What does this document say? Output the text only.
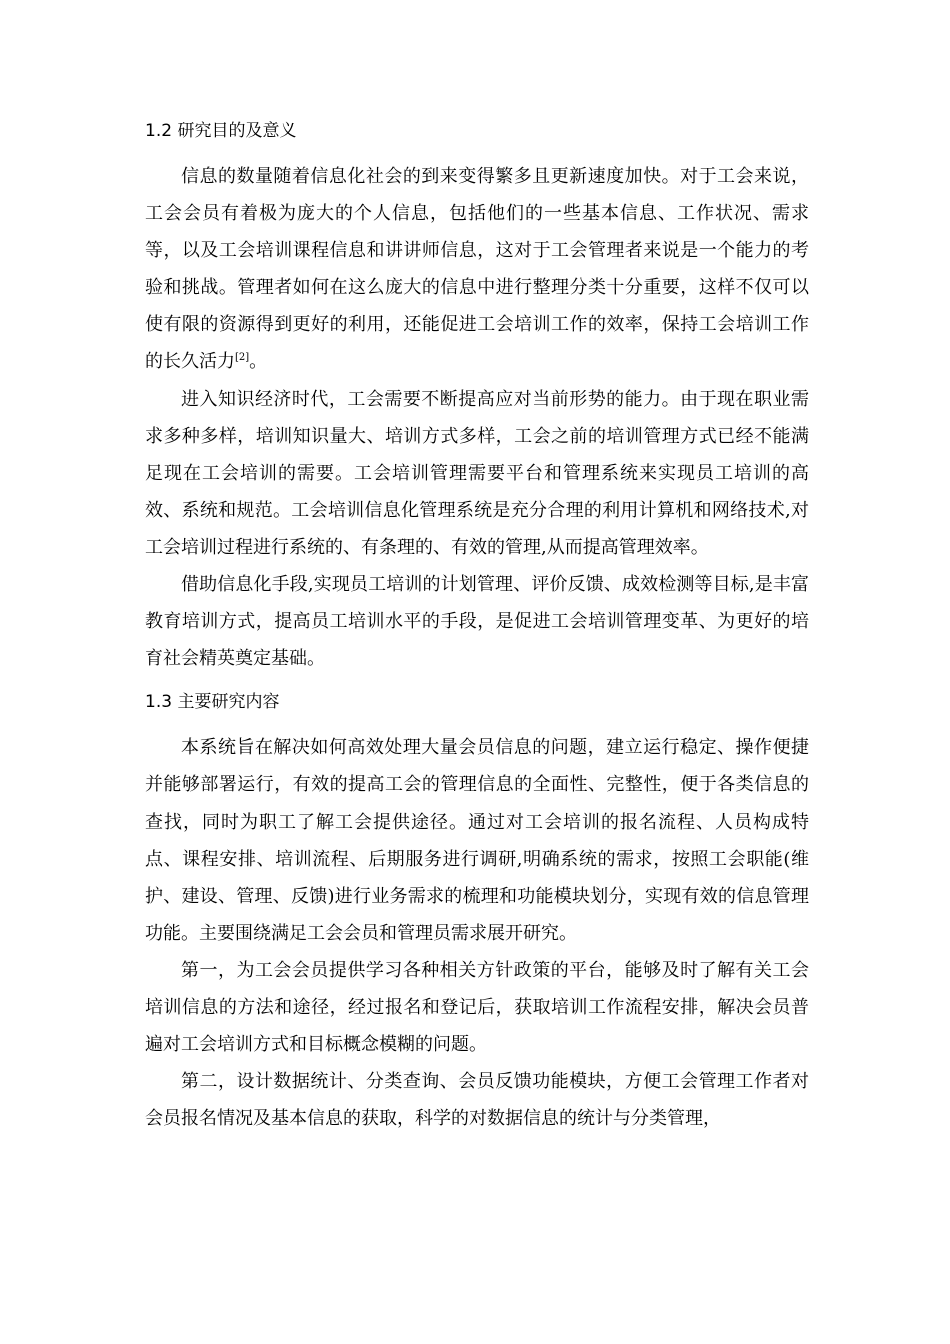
1.2 研究目的及意义

信息的数量随着信息化社会的到来变得繁多且更新速度加快。对于工会来说，工会会员有着极为庞大的个人信息，包括他们的一些基本信息、工作状况、需求等，以及工会培训课程信息和讲讲师信息，这对于工会管理者来说是一个能力的考验和挑战。管理者如何在这么庞大的信息中进行整理分类十分重要，这样不仅可以使有限的资源得到更好的利用，还能促进工会培训工作的效率，保持工会培训工作的长久活力[2]。

进入知识经济时代，工会需要不断提高应对当前形势的能力。由于现在职业需求多种多样，培训知识量大、培训方式多样，工会之前的培训管理方式已经不能满足现在工会培训的需要。工会培训管理需要平台和管理系统来实现员工培训的高效、系统和规范。工会培训信息化管理系统是充分合理的利用计算机和网络技术,对工会培训过程进行系统的、有条理的、有效的管理,从而提高管理效率。

借助信息化手段,实现员工培训的计划管理、评价反馈、成效检测等目标,是丰富教育培训方式，提高员工培训水平的手段，是促进工会培训管理变革、为更好的培育社会精英奠定基础。

1.3 主要研究内容

本系统旨在解决如何高效处理大量会员信息的问题，建立运行稳定、操作便捷并能够部署运行，有效的提高工会的管理信息的全面性、完整性，便于各类信息的查找，同时为职工了解工会提供途径。通过对工会培训的报名流程、人员构成特点、课程安排、培训流程、后期服务进行调研,明确系统的需求，按照工会职能(维护、建设、管理、反馈)进行业务需求的梳理和功能模块划分，实现有效的信息管理功能。主要围绕满足工会会员和管理员需求展开研究。

第一，为工会会员提供学习各种相关方针政策的平台，能够及时了解有关工会培训信息的方法和途径，经过报名和登记后，获取培训工作流程安排，解决会员普遍对工会培训方式和目标概念模糊的问题。

第二，设计数据统计、分类查询、会员反馈功能模块，方便工会管理工作者对会员报名情况及基本信息的获取，科学的对数据信息的统计与分类管理，
